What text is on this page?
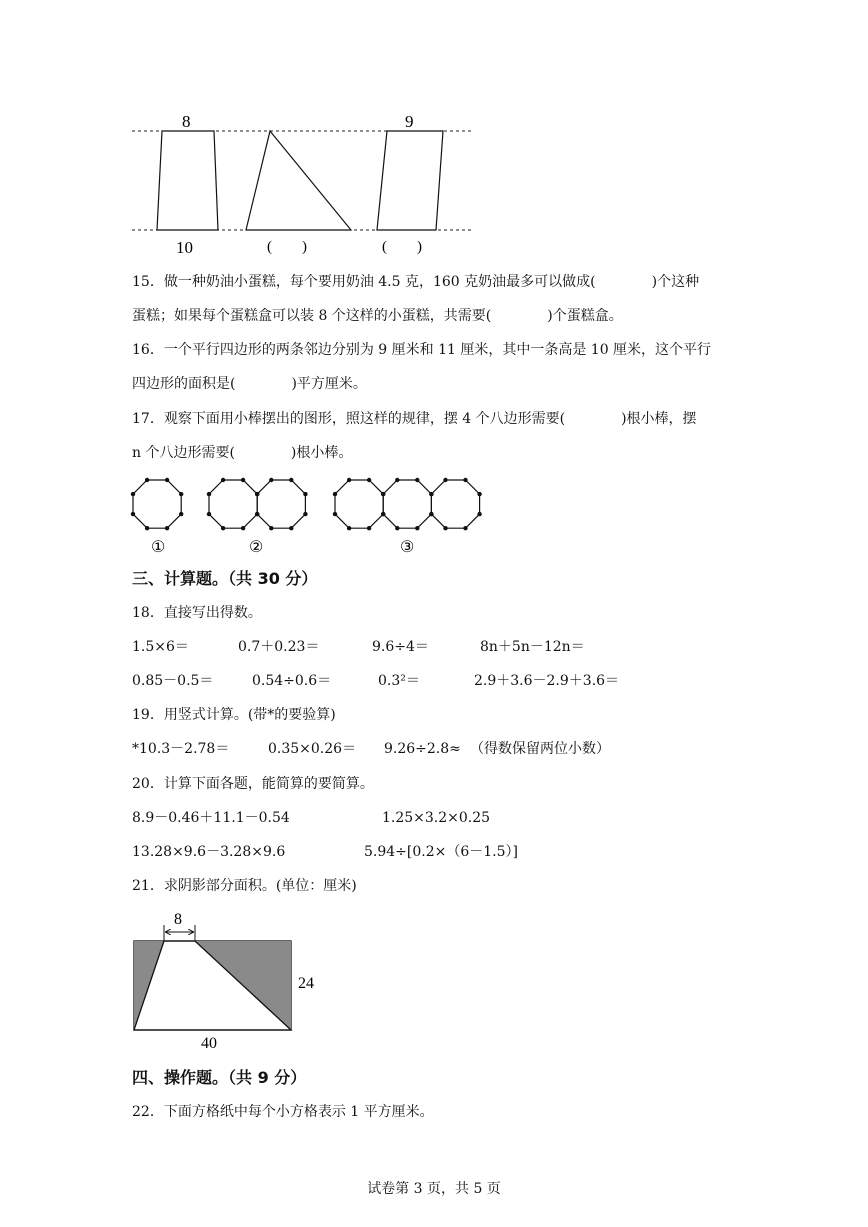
8
10
9
(　　)	(　　)
15．做一种奶油小蛋糕，每个要用奶油 4.5 克，160 克奶油最多可以做成(　　　　)个这种
蛋糕；如果每个蛋糕盒可以装 8 个这样的小蛋糕，共需要(　　　　)个蛋糕盒。
16．一个平行四边形的两条邻边分别为 9 厘米和 11 厘米，其中一条高是 10 厘米，这个平行
四边形的面积是(　　　　)平方厘米。
17．观察下面用小棒摆出的图形，照这样的规律，摆 4 个八边形需要(　　　　)根小棒，摆
n 个八边形需要(　　　　)根小棒。
①	②	③
三、计算题。（共 30 分）
18．直接写出得数。
1.5×6＝	0.7＋0.23＝	9.6÷4＝	8n＋5n－12n＝
0.85－0.5＝	0.54÷0.6＝	0.3²＝	2.9＋3.6－2.9＋3.6＝
19．用竖式计算。(带*的要验算)
*10.3－2.78＝	0.35×0.26＝ 9.26÷2.8≈ （得数保留两位小数）
20．计算下面各题，能简算的要简算。
8.9－0.46＋11.1－0.54	1.25×3.2×0.25
13.28×9.6－3.28×9.6	5.94÷[0.2×（6－1.5）]
21．求阴影部分面积。(单位：厘米)
8
24
40
四、操作题。（共 9 分）
22．下面方格纸中每个小方格表示 1 平方厘米。
试卷第 3 页，共 5 页
